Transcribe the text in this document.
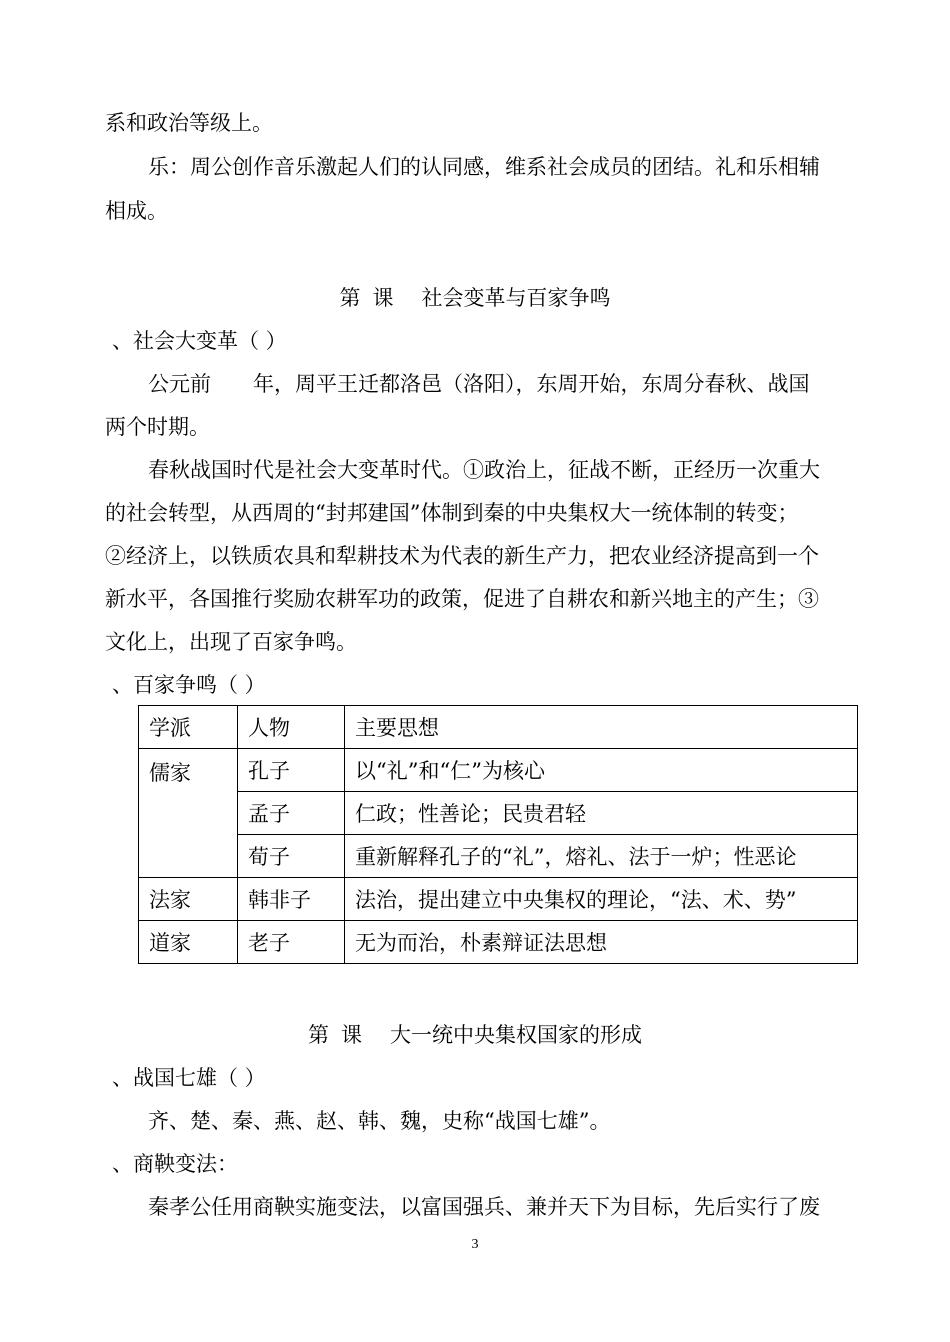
系和政治等级上。
乐：周公创作音乐激起人们的认同感，维系社会成员的团结。礼和乐相辅
相成。
第 课 社会变革与百家争鸣
、社会大变革（ ）
公元前　　年，周平王迁都洛邑（洛阳），东周开始，东周分春秋、战国
两个时期。
春秋战国时代是社会大变革时代。①政治上，征战不断，正经历一次重大
的社会转型，从西周的“封邦建国”体制到秦的中央集权大一统体制的转变；
②经济上，以铁质农具和犁耕技术为代表的新生产力，把农业经济提高到一个
新水平，各国推行奖励农耕军功的政策，促进了自耕农和新兴地主的产生；③
文化上，出现了百家争鸣。
、百家争鸣（ ）
学派	人物	主要思想
儒家	孔子	以“礼”和“仁”为核心
	孟子	仁政；性善论；民贵君轻
	荀子	重新解释孔子的“礼”，熔礼、法于一炉；性恶论
法家	韩非子	法治，提出建立中央集权的理论，“法、术、势”
道家	老子	无为而治，朴素辩证法思想
第 课 大一统中央集权国家的形成
、战国七雄（ ）
齐、楚、秦、燕、赵、韩、魏，史称“战国七雄”。
、商鞅变法：
秦孝公任用商鞅实施变法，以富国强兵、兼并天下为目标，先后实行了废
3
